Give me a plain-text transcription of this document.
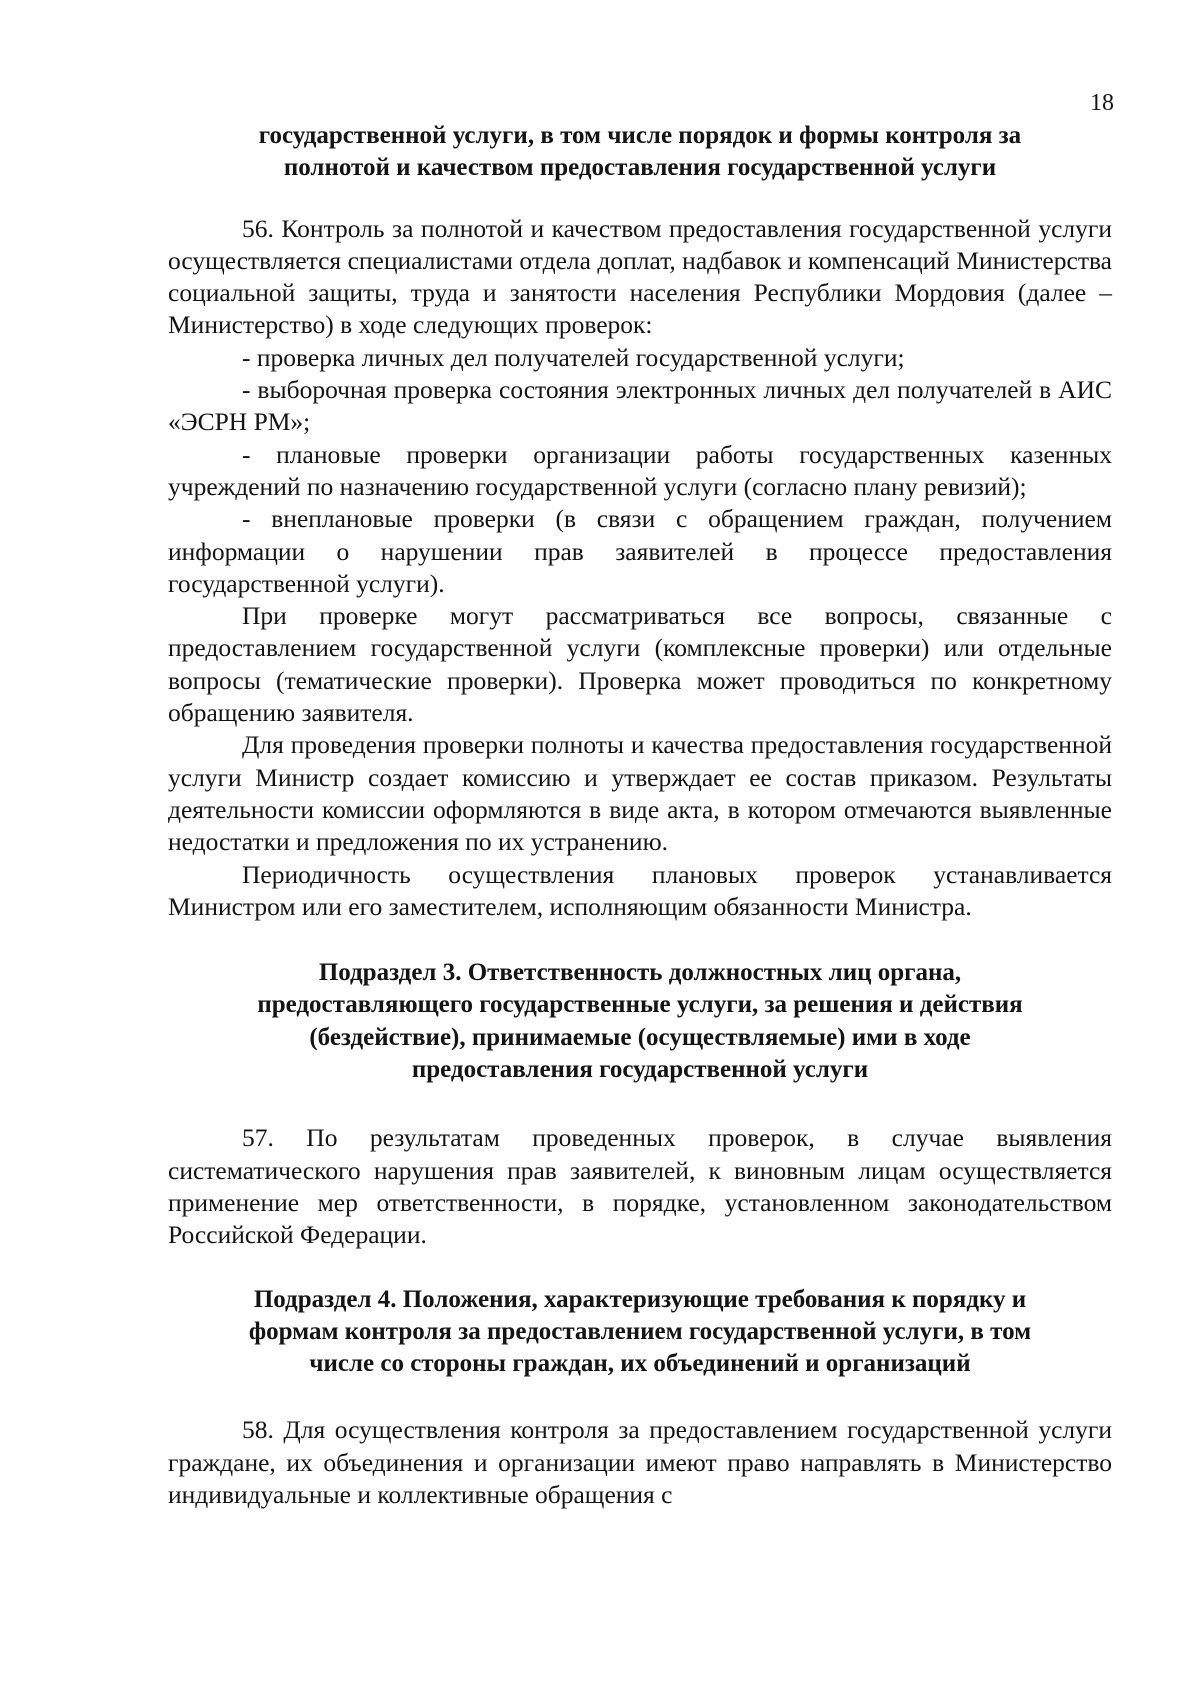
18
государственной услуги, в том числе порядок и формы контроля за
полнотой и качеством предоставления государственной услуги

56. Контроль за полнотой и качеством предоставления государственной услуги осуществляется специалистами отдела доплат, надбавок и компенсаций Министерства социальной защиты, труда и занятости населения Республики Мордовия (далее – Министерство) в ходе следующих проверок:

- проверка личных дел получателей государственной услуги;

- выборочная проверка состояния электронных личных дел получателей в АИС «ЭСРН РМ»;

- плановые проверки организации работы государственных казенных учреждений по назначению государственной услуги (согласно плану ревизий);

- внеплановые проверки (в связи с обращением граждан, получением информации о нарушении прав заявителей в процессе предоставления государственной услуги).

При проверке могут рассматриваться все вопросы, связанные с предоставлением государственной услуги (комплексные проверки) или отдельные вопросы (тематические проверки). Проверка может проводиться по конкретному обращению заявителя.

Для проведения проверки полноты и качества предоставления государственной услуги Министр создает комиссию и утверждает ее состав приказом. Результаты деятельности комиссии оформляются в виде акта, в котором отмечаются выявленные недостатки и предложения по их устранению.

Периодичность осуществления плановых проверок устанавливается Министром или его заместителем, исполняющим обязанности Министра.

Подраздел 3. Ответственность должностных лиц органа,
предоставляющего государственные услуги, за решения и действия
(бездействие), принимаемые (осуществляемые) ими в ходе
предоставления государственной услуги

57. По результатам проведенных проверок, в случае выявления систематического нарушения прав заявителей, к виновным лицам осуществляется применение мер ответственности, в порядке, установленном законодательством Российской Федерации.

Подраздел 4. Положения, характеризующие требования к порядку и
формам контроля за предоставлением государственной услуги, в том
числе со стороны граждан, их объединений и организаций

58. Для осуществления контроля за предоставлением государственной услуги граждане, их объединения и организации имеют право направлять в Министерство индивидуальные и коллективные обращения с
